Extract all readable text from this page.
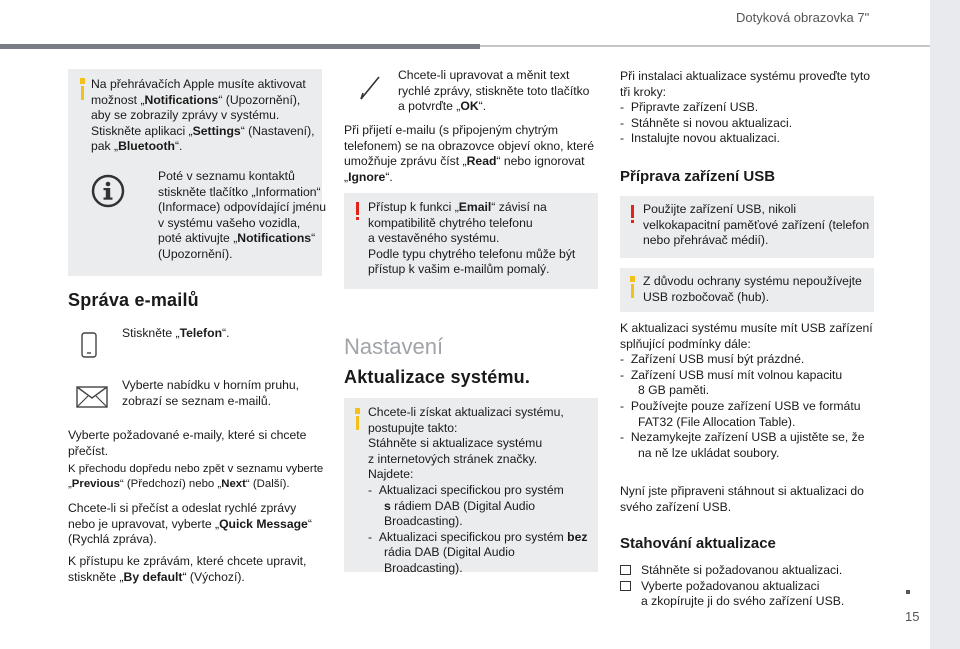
Dotyková obrazovka 7"
15

Na přehrávačích Apple musíte aktivovat

možnost „Notifications“ (Upozornění),

aby se zobrazily zprávy v systému.

Stiskněte aplikaci „Settings“ (Nastavení),

pak „Bluetooth“.

Poté v seznamu kontaktů

stiskněte tlačítko „Information“

(Informace) odpovídající jménu

v systému vašeho vozidla,

poté aktivujte „Notifications“

(Upozornění).

Správa e-mailů

Stiskněte „Telefon“.

Vyberte nabídku v horním pruhu,

zobrazí se seznam e-mailů.

Vyberte požadované e-maily, které si chcete

přečíst.

K přechodu dopředu nebo zpět v seznamu vyberte

„Previous“ (Předchozí) nebo „Next“ (Další).

Chcete-li si přečíst a odeslat rychlé zprávy

nebo je upravovat, vyberte „Quick Message“

(Rychlá zpráva).

K přístupu ke zprávám, které chcete upravit,

stiskněte „By default“ (Výchozí).

Chcete-li upravovat a měnit text

rychlé zprávy, stiskněte toto tlačítko

a potvrďte „OK“.

Při přijetí e-mailu (s připojeným chytrým

telefonem) se na obrazovce objeví okno, které

umožňuje zprávu číst „Read“ nebo ignorovat

„Ignore“.

Přístup k funkci „Email“ závisí na

kompatibilitě chytrého telefonu

a vestavěného systému.

Podle typu chytrého telefonu může být

přístup k vašim e-mailům pomalý.

Nastavení
Aktualizace systému.

Chcete-li získat aktualizaci systému,

postupujte takto:

Stáhněte si aktualizace systému

z internetových stránek značky.

Najdete:

-  Aktualizaci specifickou pro systém

s rádiem DAB (Digital Audio

Broadcasting).

-  Aktualizaci specifickou pro systém bez

rádia DAB (Digital Audio Broadcasting).

Při instalaci aktualizace systému proveďte tyto

tři kroky:

-  Připravte zařízení USB.

-  Stáhněte si novou aktualizaci.

-  Instalujte novou aktualizaci.

Příprava zařízení USB

Použijte zařízení USB, nikoli

velkokapacitní paměťové zařízení (telefon

nebo přehrávač médií).

Z důvodu ochrany systému nepoužívejte

USB rozbočovač (hub).

K aktualizaci systému musíte mít USB zařízení

splňující podmínky dále:

-  Zařízení USB musí být prázdné.

-  Zařízení USB musí mít volnou kapacitu

8 GB paměti.

-  Používejte pouze zařízení USB ve formátu

FAT32 (File Allocation Table).

-  Nezamykejte zařízení USB a ujistěte se, že

na ně lze ukládat soubory.

Nyní jste připraveni stáhnout si aktualizaci do

svého zařízení USB.

Stahování aktualizace

Stáhněte si požadovanou aktualizaci.

Vyberte požadovanou aktualizaci

a zkopírujte ji do svého zařízení USB.
